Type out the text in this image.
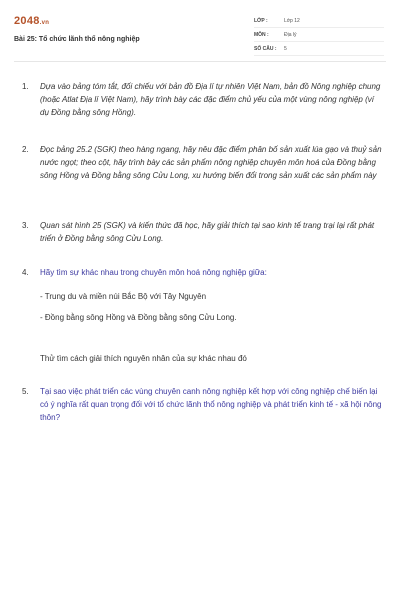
2048.vn
Bài 25: Tổ chức lãnh thổ nông nghiệp
LỚP :	Lớp 12
MÔN :	Địa lý
SỐ CÂU :	5
1. Dựa vào bảng tóm tắt, đối chiếu với bản đồ Địa lí tự nhiên Việt Nam, bản đồ Nông nghiệp chung (hoặc Atlat Địa lí Việt Nam), hãy trình bày các đặc điểm chủ yếu của một vùng nông nghiệp (ví dụ Đồng bằng sông Hồng).
2. Đọc bảng 25.2 (SGK) theo hàng ngang, hãy nêu đặc điểm phân bố sản xuất lúa gạo và thuỷ sản nước ngọt; theo cột, hãy trình bày các sản phẩm nông nghiệp chuyên môn hoá của Đồng bằng sông Hồng và Đồng bằng sông Cửu Long, xu hướng biến đổi trong sản xuất các sản phẩm này
3. Quan sát hình 25 (SGK) và kiến thức đã học, hãy giải thích tại sao kinh tế trang trại lại rất phát triển ở Đồng bằng sông Cửu Long.
4. Hãy tìm sự khác nhau trong chuyên môn hoá nông nghiệp giữa:
- Trung du và miền núi Bắc Bộ với Tây Nguyên
- Đồng bằng sông Hồng và Đồng bằng sông Cửu Long.
Thử tìm cách giải thích nguyên nhân của sự khác nhau đó
5. Tại sao việc phát triển các vùng chuyên canh nông nghiệp kết hợp với công nghiệp chế biến lại có ý nghĩa rất quan trọng đối với tổ chức lãnh thổ nông nghiệp và phát triển kinh tế - xã hội nông thôn?
